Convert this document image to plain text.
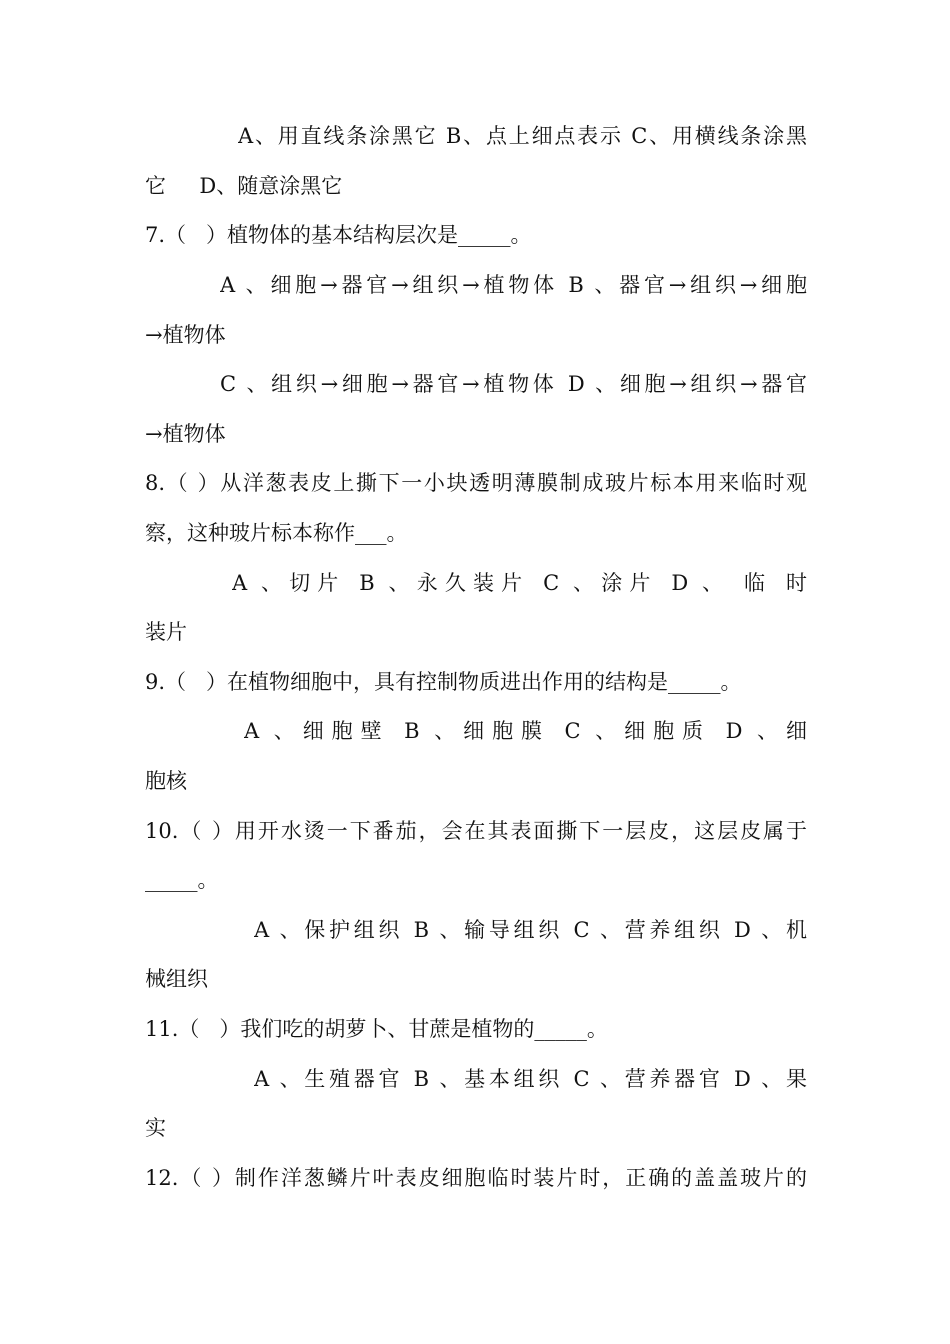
A、用直线条涂黑它 B、点上细点表示 C、用横线条涂黑
它     D、随意涂黑它
7.（   ）植物体的基本结构层次是_____。
A 、细胞→器官→组织→植物体 B 、器官→组织→细胞
→植物体
C 、组织→细胞→器官→植物体 D 、细胞→组织→器官
→植物体
8.（ ）从洋葱表皮上撕下一小块透明薄膜制成玻片标本用来临时观
察，这种玻片标本称作___。
A 、切片 B 、永久装片 C 、涂片 D 、 临 时
装片
9.（   ）在植物细胞中，具有控制物质进出作用的结构是_____。
A 、细胞壁 B 、细胞膜 C 、细胞质 D 、细
胞核
10.（ ）用开水烫一下番茄，会在其表面撕下一层皮，这层皮属于
_____。
A 、保护组织 B 、输导组织 C 、营养组织 D 、机
械组织
11.（   ）我们吃的胡萝卜、甘蔗是植物的_____。
A 、生殖器官 B 、基本组织 C 、营养器官 D 、果
实
12.（ ）制作洋葱鳞片叶表皮细胞临时装片时，正确的盖盖玻片的
